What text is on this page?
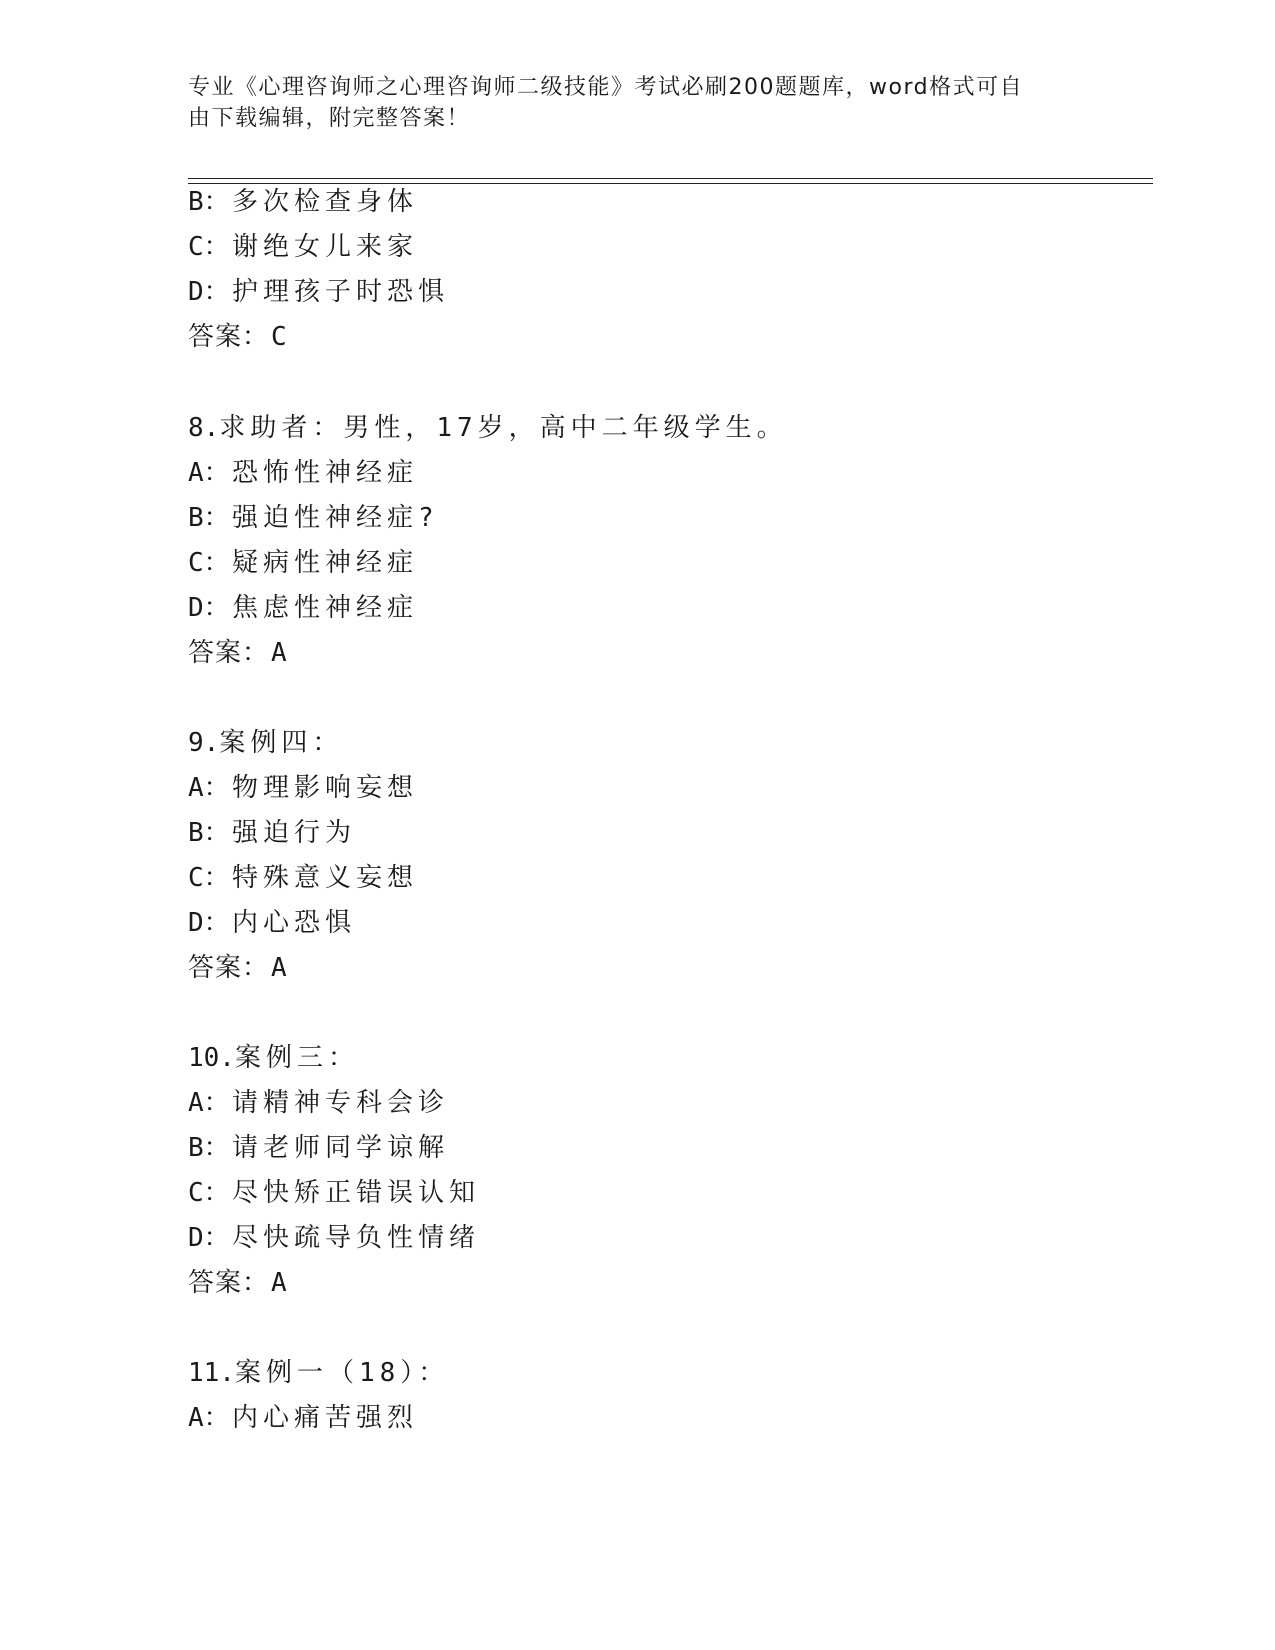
专业《心理咨询师之心理咨询师二级技能》考试必刷200题题库，word格式可自
由下载编辑，附完整答案！
B：多次检查身体
C：谢绝女儿来家
D：护理孩子时恐惧
答案：C
8.求助者：男性，17岁，高中二年级学生。
A：恐怖性神经症
B：强迫性神经症?
C：疑病性神经症
D：焦虑性神经症
答案：A
9.案例四：
A：物理影响妄想
B：强迫行为
C：特殊意义妄想
D：内心恐惧
答案：A
10.案例三：
A：请精神专科会诊
B：请老师同学谅解
C：尽快矫正错误认知
D：尽快疏导负性情绪
答案：A
11.案例一（18）：
A：内心痛苦强烈
